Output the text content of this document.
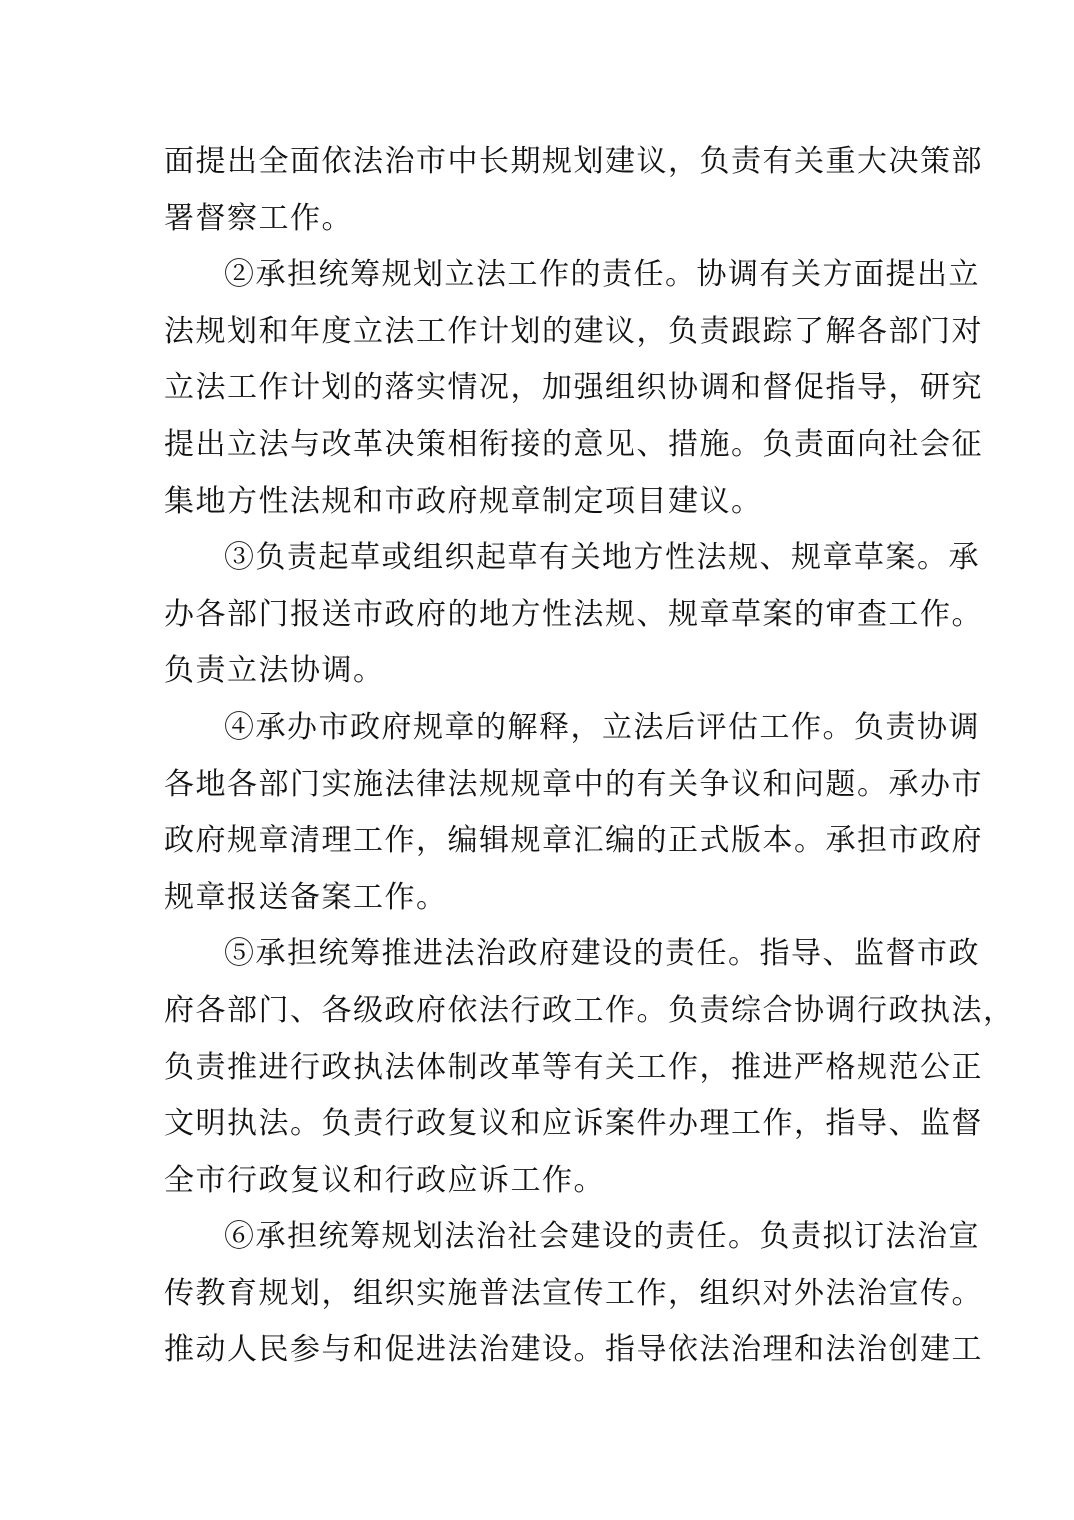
面提出全面依法治市中长期规划建议，负责有关重大决策部
署督察工作。
②承担统筹规划立法工作的责任。协调有关方面提出立
法规划和年度立法工作计划的建议，负责跟踪了解各部门对
立法工作计划的落实情况，加强组织协调和督促指导，研究
提出立法与改革决策相衔接的意见、措施。负责面向社会征
集地方性法规和市政府规章制定项目建议。
③负责起草或组织起草有关地方性法规、规章草案。承
办各部门报送市政府的地方性法规、规章草案的审查工作。
负责立法协调。
④承办市政府规章的解释，立法后评估工作。负责协调
各地各部门实施法律法规规章中的有关争议和问题。承办市
政府规章清理工作，编辑规章汇编的正式版本。承担市政府
规章报送备案工作。
⑤承担统筹推进法治政府建设的责任。指导、监督市政
府各部门、各级政府依法行政工作。负责综合协调行政执法，
负责推进行政执法体制改革等有关工作，推进严格规范公正
文明执法。负责行政复议和应诉案件办理工作，指导、监督
全市行政复议和行政应诉工作。
⑥承担统筹规划法治社会建设的责任。负责拟订法治宣
传教育规划，组织实施普法宣传工作，组织对外法治宣传。
推动人民参与和促进法治建设。指导依法治理和法治创建工
